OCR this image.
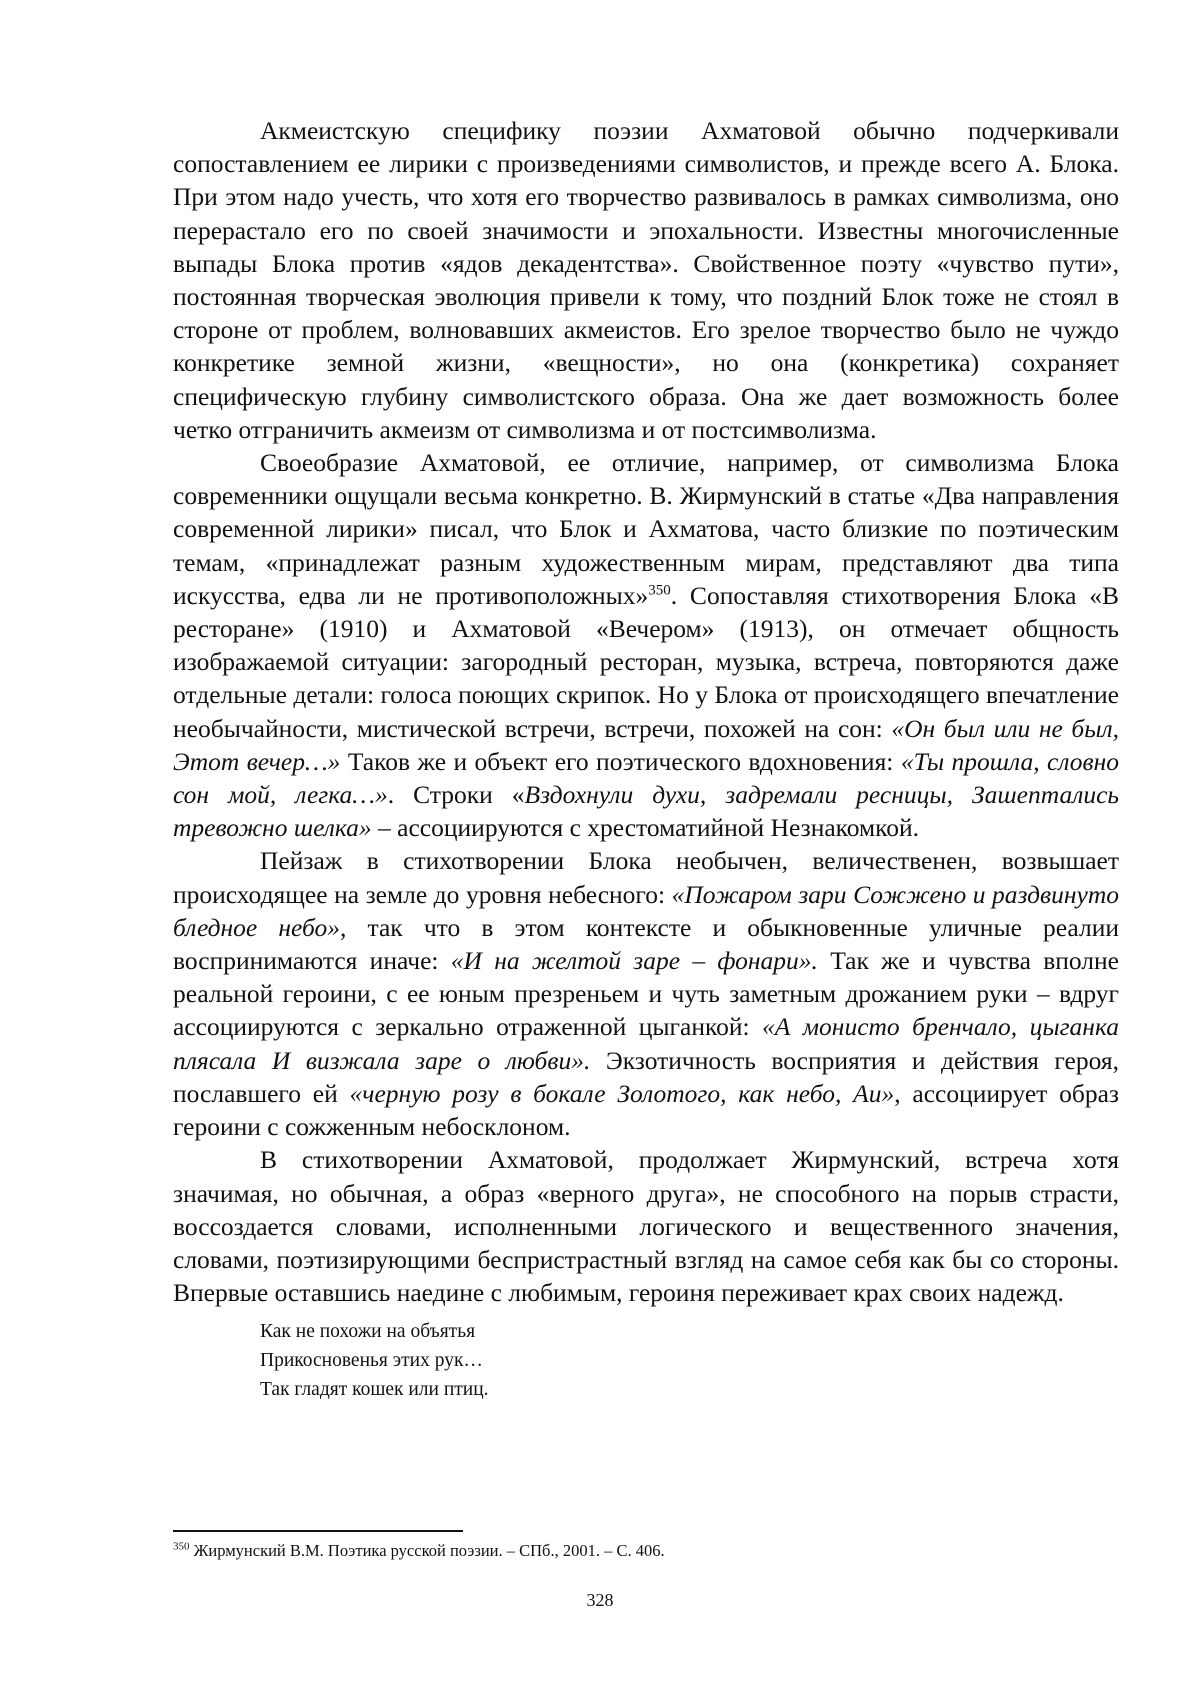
Акмеистскую специфику поэзии Ахматовой обычно подчеркивали сопоставлением ее лирики с произведениями символистов, и прежде всего А. Блока. При этом надо учесть, что хотя его творчество развивалось в рамках символизма, оно перерастало его по своей значимости и эпохальности. Известны многочисленные выпады Блока против «ядов декадентства». Свойственное поэту «чувство пути», постоянная творческая эволюция привели к тому, что поздний Блок тоже не стоял в стороне от проблем, волновавших акмеистов. Его зрелое творчество было не чуждо конкретике земной жизни, «вещности», но она (конкретика) сохраняет специфическую глубину символистского образа. Она же дает возможность более четко отграничить акмеизм от символизма и от постсимволизма.

Своеобразие Ахматовой, ее отличие, например, от символизма Блока современники ощущали весьма конкретно. В. Жирмунский в статье «Два направления современной лирики» писал, что Блок и Ахматова, часто близкие по поэтическим темам, «принадлежат разным художественным мирам, представляют два типа искусства, едва ли не противоположных»$^{350}$. Сопоставляя стихотворения Блока «В ресторане» (1910) и Ахматовой «Вечером» (1913), он отмечает общность изображаемой ситуации: загородный ресторан, музыка, встреча, повторяются даже отдельные детали: голоса поющих скрипок. Но у Блока от происходящего впечатление необычайности, мистической встречи, встречи, похожей на сон: «Он был или не был, Этот вечер…» Таков же и объект его поэтического вдохновения: «Ты прошла, словно сон мой, легка…». Строки «Вздохнули духи, задремали ресницы, Зашептались тревожно шелка» – ассоциируются с хрестоматийной Незнакомкой.

Пейзаж в стихотворении Блока необычен, величественен, возвышает происходящее на земле до уровня небесного: «Пожаром зари Сожжено и раздвинуто бледное небо», так что в этом контексте и обыкновенные уличные реалии воспринимаются иначе: «И на желтой заре – фонари». Так же и чувства вполне реальной героини, с ее юным презреньем и чуть заметным дрожанием руки – вдруг ассоциируются с зеркально отраженной цыганкой: «А монисто бренчало, цыганка плясала И визжала заре о любви». Экзотичность восприятия и действия героя, пославшего ей «черную розу в бокале Золотого, как небо, Аи», ассоциирует образ героини с сожженным небосклоном.

В стихотворении Ахматовой, продолжает Жирмунский, встреча хотя значимая, но обычная, а образ «верного друга», не способного на порыв страсти, воссоздается словами, исполненными логического и вещественного значения, словами, поэтизирующими беспристрастный взгляд на самое себя как бы со стороны. Впервые оставшись наедине с любимым, героиня переживает крах своих надежд.

Как не похожи на объятья
Прикосновенья этих рук…
Так гладят кошек или птиц.
$^{350}$ Жирмунский В.М. Поэтика русской поэзии. – СПб., 2001. – С. 406.
328
